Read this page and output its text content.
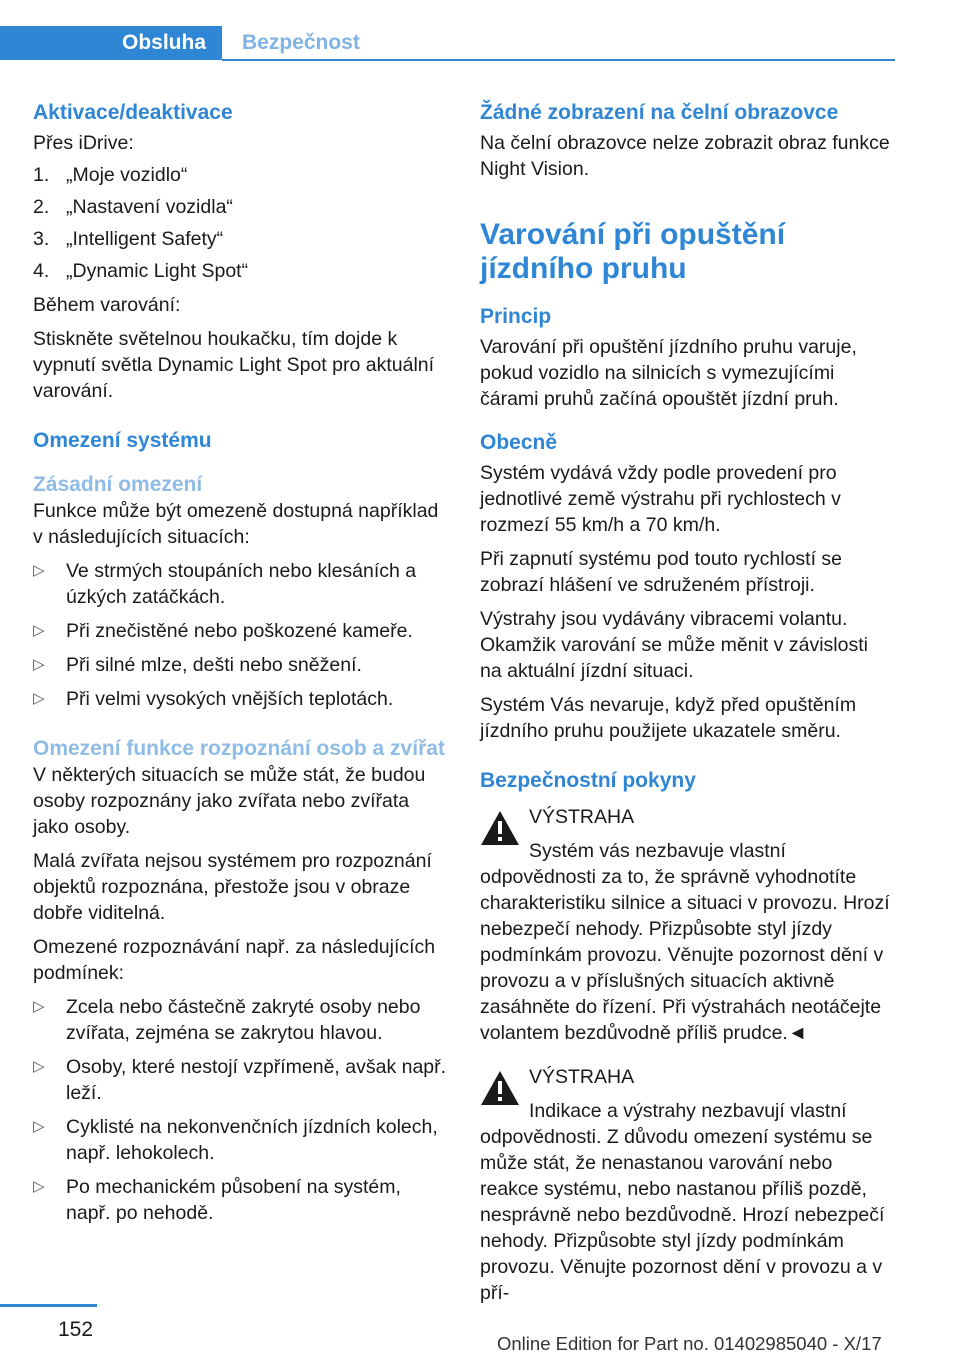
Obsluha	Bezpečnost
Aktivace/deaktivace

Přes iDrive:

1. „Moje vozidlo“
2. „Nastavení vozidla“
3. „Intelligent Safety“
4. „Dynamic Light Spot“

Během varování:

Stiskněte světelnou houkačku, tím dojde k vypnutí světla Dynamic Light Spot pro aktuální varování.

Omezení systému
Zásadní omezení

Funkce může být omezeně dostupná například v následujících situacích:

▷ Ve strmých stoupáních nebo klesáních a úzkých zatáčkách.
▷ Při znečistěné nebo poškozené kameře.
▷ Při silné mlze, dešti nebo sněžení.
▷ Při velmi vysokých vnějších teplotách.
Omezení funkce rozpoznání osob a zvířat

V některých situacích se může stát, že budou osoby rozpoznány jako zvířata nebo zvířata jako osoby.

Malá zvířata nejsou systémem pro rozpoznání objektů rozpoznána, přestože jsou v obraze dobře viditelná.

Omezené rozpoznávání např. za následujících podmínek:

▷ Zcela nebo částečně zakryté osoby nebo zvířata, zejména se zakrytou hlavou.
▷ Osoby, které nestojí vzpřímeně, avšak např. leží.
▷ Cyklisté na nekonvenčních jízdních kolech, např. lehokolech.
▷ Po mechanickém působení na systém, např. po nehodě.
Žádné zobrazení na čelní obrazovce

Na čelní obrazovce nelze zobrazit obraz funkce Night Vision.

Varování při opuštění jízdního pruhu
Princip

Varování při opuštění jízdního pruhu varuje, pokud vozidlo na silnicích s vymezujícími čárami pruhů začíná opouštět jízdní pruh.

Obecně

Systém vydává vždy podle provedení pro jednotlivé země výstrahu při rychlostech v rozmezí 55 km/h a 70 km/h.

Při zapnutí systému pod touto rychlostí se zobrazí hlášení ve sdruženém přístroji.

Výstrahy jsou vydávány vibracemi volantu. Okamžik varování se může měnit v závislosti na aktuální jízdní situaci.

Systém Vás nevaruje, když před opuštěním jízdního pruhu použijete ukazatele směru.

Bezpečnostní pokyny

VÝSTRAHA

Systém vás nezbavuje vlastní odpovědnosti za to, že správně vyhodnotíte charakteristiku silnice a situaci v provozu. Hrozí nebezpečí nehody. Přizpůsobte styl jízdy podmínkám provozu. Věnujte pozornost dění v provozu a v příslušných situacích aktivně zasáhněte do řízení. Při výstrahách neotáčejte volantem bezdůvodně příliš prudce.◄

VÝSTRAHA

Indikace a výstrahy nezbavují vlastní odpovědnosti. Z důvodu omezení systému se může stát, že nenastanou varování nebo reakce systému, nebo nastanou příliš pozdě, nesprávně nebo bezdůvodně. Hrozí nebezpečí nehody. Přizpůsobte styl jízdy podmínkám provozu. Věnujte pozornost dění v provozu a v pří-

152
Online Edition for Part no. 01402985040 - X/17
